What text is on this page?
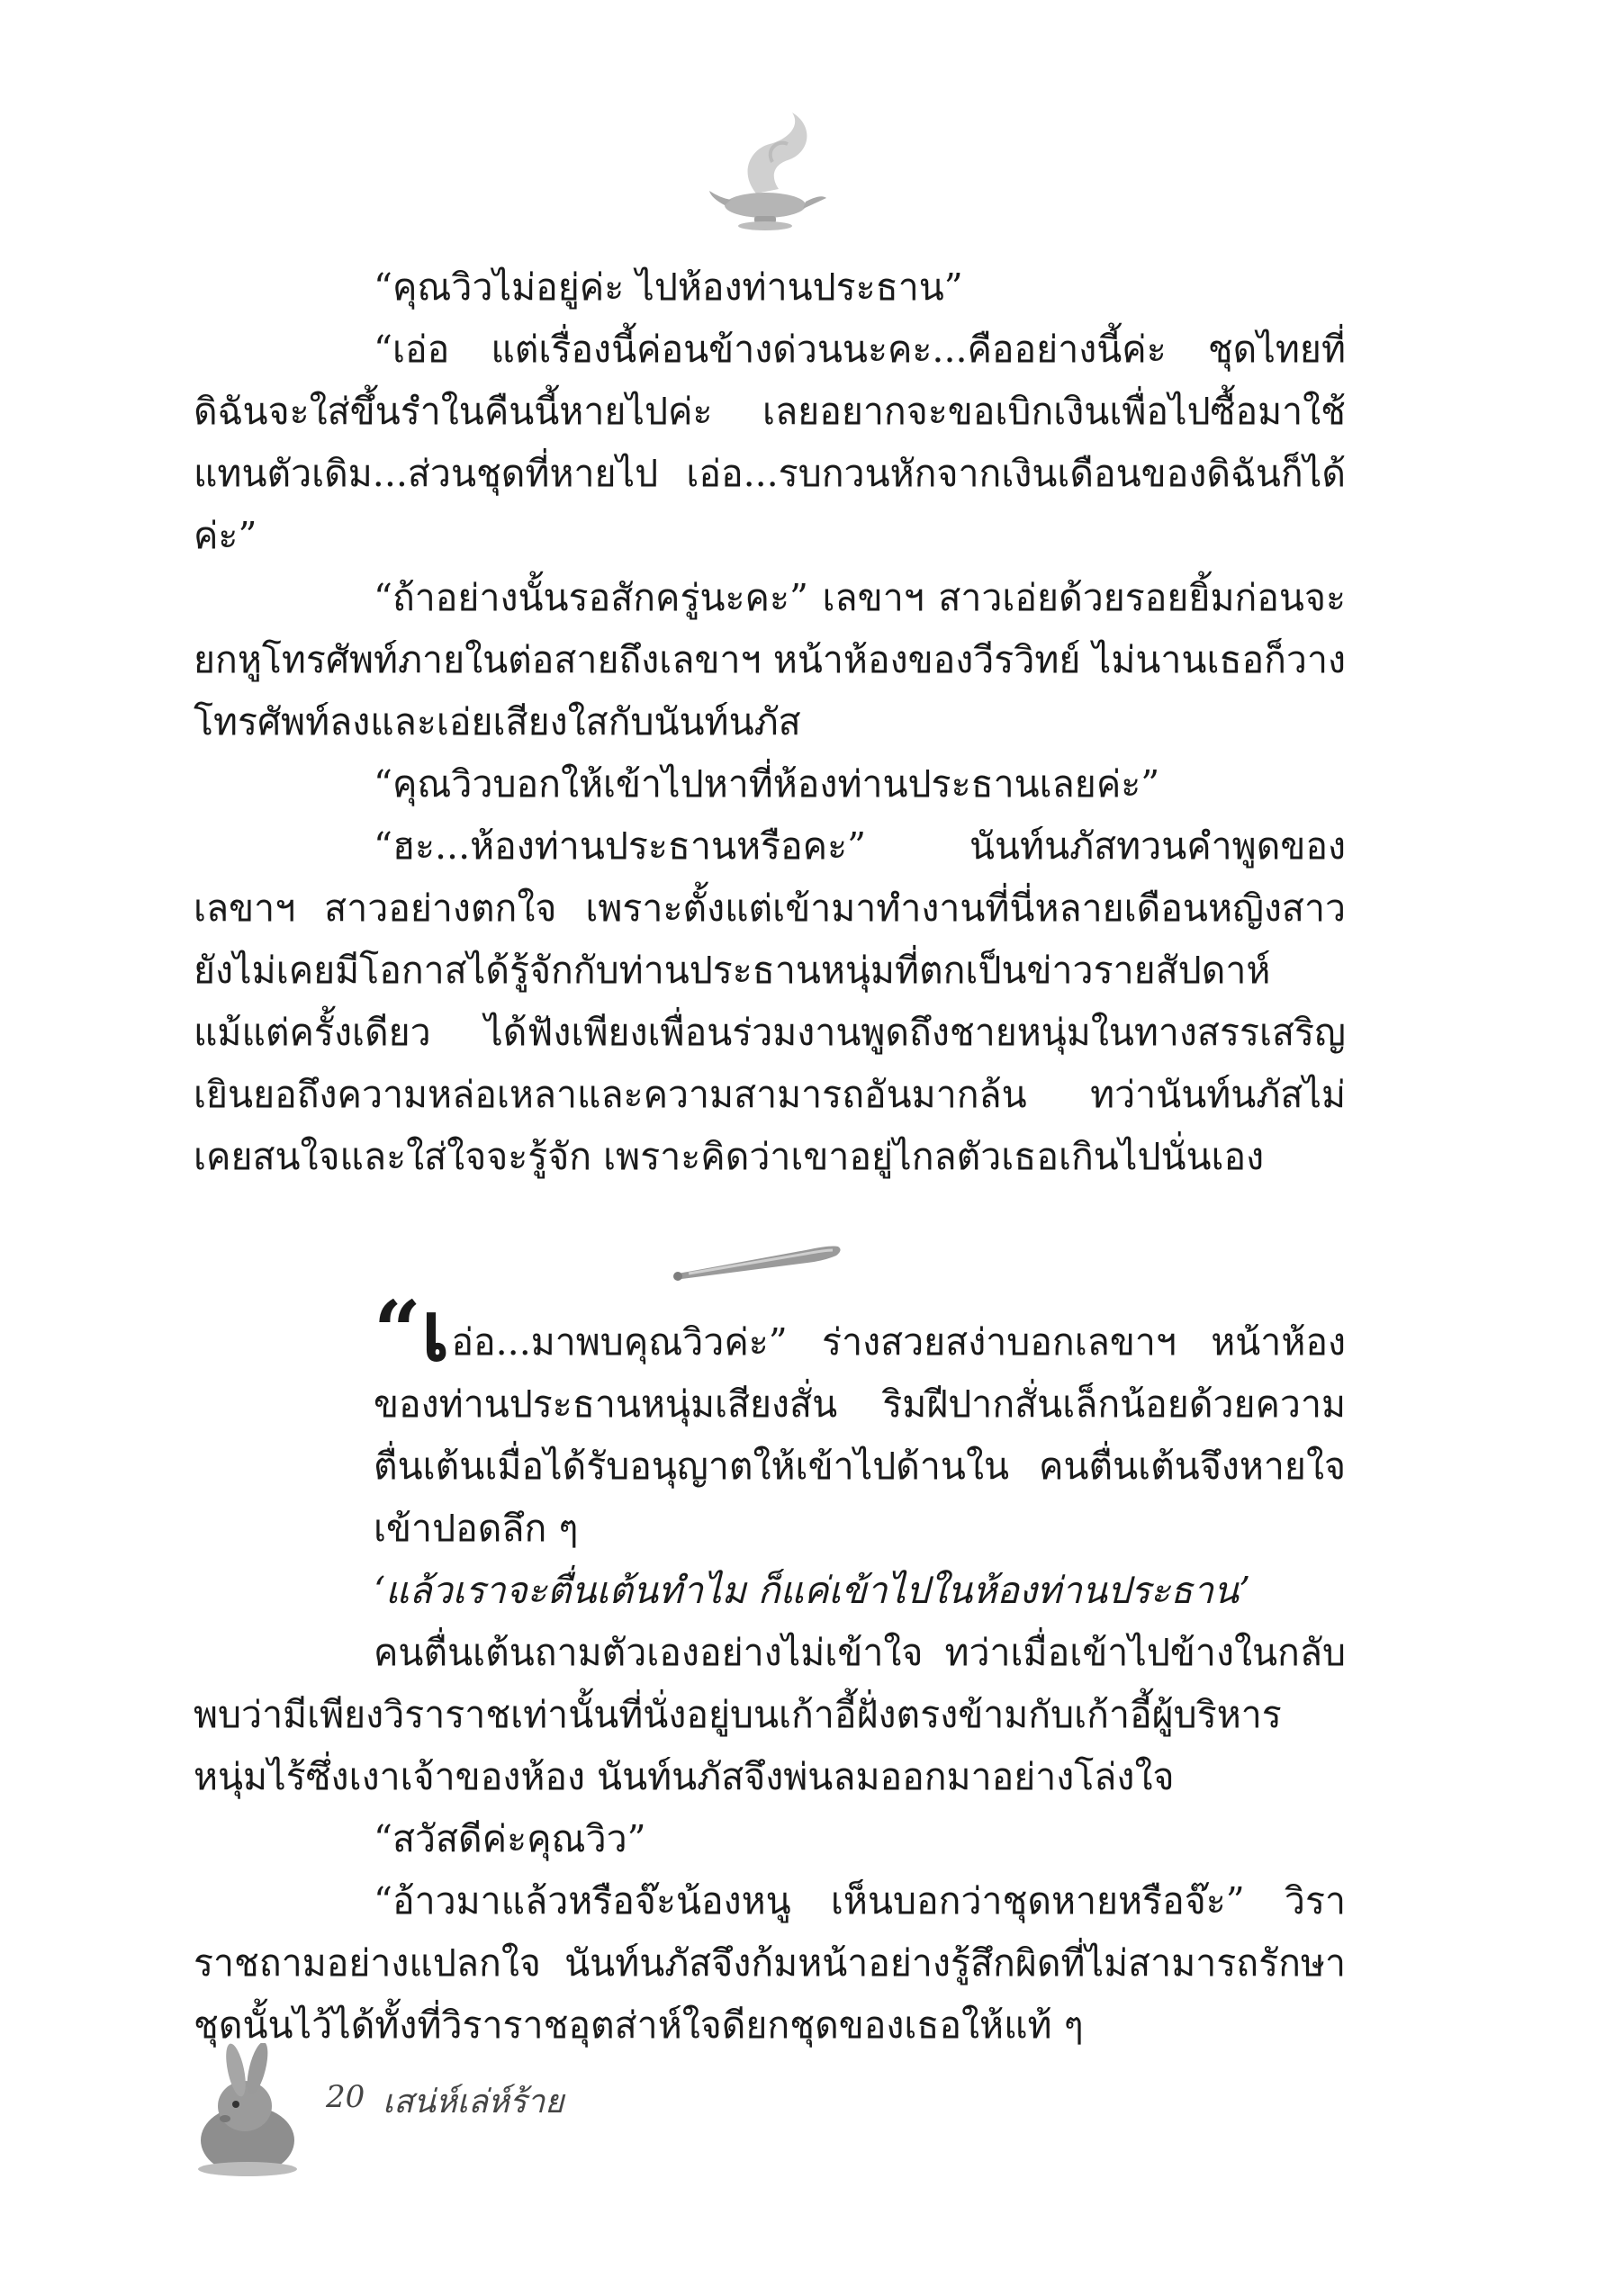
“คุณวิวไม่อยู่ค่ะ ไปห้องท่านประธาน”

“เอ่อ แต่เรื่องนี้ค่อนข้างด่วนนะคะ...คืออย่างนี้ค่ะ ชุดไทยที่ดิฉันจะใส่ขึ้นรำในคืนนี้หายไปค่ะ เลยอยากจะขอเบิกเงินเพื่อไปซื้อมาใช้แทนตัวเดิม...ส่วนชุดที่หายไป เอ่อ...รบกวนหักจากเงินเดือนของดิฉันก็ได้ค่ะ”

“ถ้าอย่างนั้นรอสักครู่นะคะ” เลขาฯ สาวเอ่ยด้วยรอยยิ้มก่อนจะยกหูโทรศัพท์ภายในต่อสายถึงเลขาฯ หน้าห้องของวีรวิทย์ ไม่นานเธอก็วางโทรศัพท์ลงและเอ่ยเสียงใสกับนันท์นภัส

“คุณวิวบอกให้เข้าไปหาที่ห้องท่านประธานเลยค่ะ”

“ฮะ...ห้องท่านประธานหรือคะ” นันท์นภัสทวนคำพูดของเลขาฯ สาวอย่างตกใจ เพราะตั้งแต่เข้ามาทำงานที่นี่หลายเดือนหญิงสาวยังไม่เคยมีโอกาสได้รู้จักกับท่านประธานหนุ่มที่ตกเป็นข่าวรายสัปดาห์แม้แต่ครั้งเดียว ได้ฟังเพียงเพื่อนร่วมงานพูดถึงชายหนุ่มในทางสรรเสริญเยินยอถึงความหล่อเหลาและความสามารถอันมากล้น ทว่านันท์นภัสไม่เคยสนใจและใส่ใจจะรู้จัก เพราะคิดว่าเขาอยู่ไกลตัวเธอเกินไปนั่นเอง

“เอ่อ...มาพบคุณวิวค่ะ” ร่างสวยสง่าบอกเลขาฯ หน้าห้องของท่านประธานหนุ่มเสียงสั่น ริมฝีปากสั่นเล็กน้อยด้วยความตื่นเต้นเมื่อได้รับอนุญาตให้เข้าไปด้านใน คนตื่นเต้นจึงหายใจเข้าปอดลึก ๆ

‘แล้วเราจะตื่นเต้นทำไม ก็แค่เข้าไปในห้องท่านประธาน’

คนตื่นเต้นถามตัวเองอย่างไม่เข้าใจ ทว่าเมื่อเข้าไปข้างในกลับพบว่ามีเพียงวิราราชเท่านั้นที่นั่งอยู่บนเก้าอี้ฝั่งตรงข้ามกับเก้าอี้ผู้บริหารหนุ่มไร้ซึ่งเงาเจ้าของห้อง นันท์นภัสจึงพ่นลมออกมาอย่างโล่งใจ

“สวัสดีค่ะคุณวิว”

“อ้าวมาแล้วหรือจ๊ะน้องหนู เห็นบอกว่าชุดหายหรือจ๊ะ” วิราราชถามอย่างแปลกใจ นันท์นภัสจึงก้มหน้าอย่างรู้สึกผิดที่ไม่สามารถรักษาชุดนั้นไว้ได้ทั้งที่วิราราชอุตส่าห์ใจดียกชุดของเธอให้แท้ ๆ

20 เสน่ห์เล่ห์ร้าย
